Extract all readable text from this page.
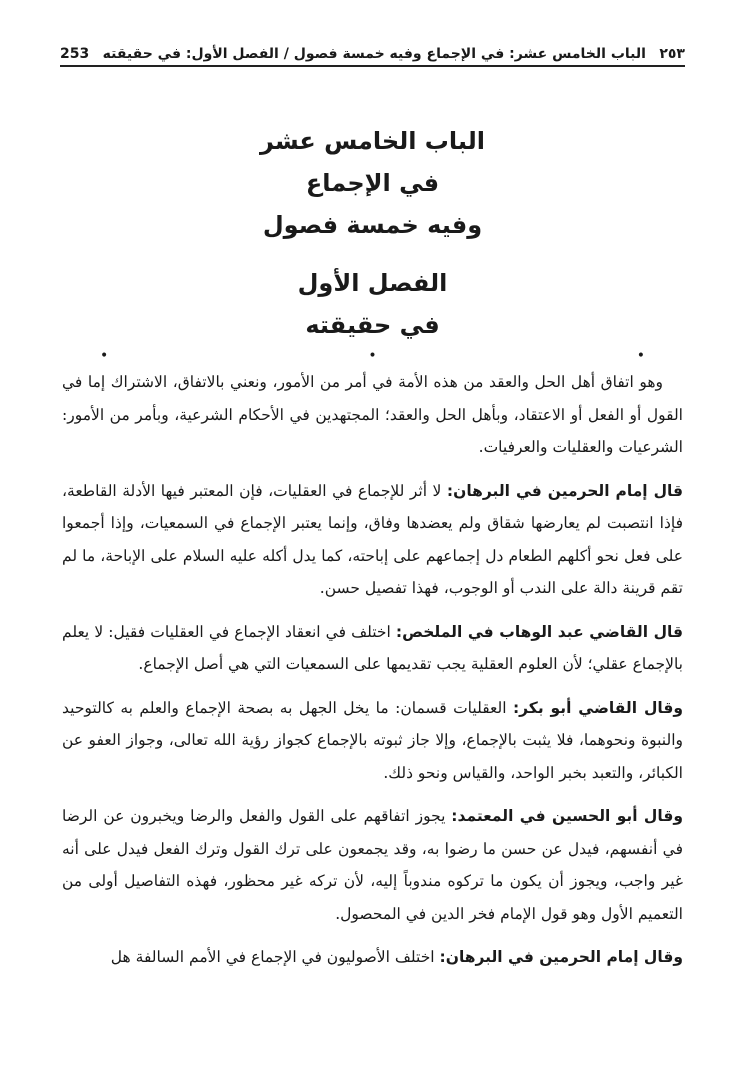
253 الباب الخامس عشر: في الإجماع وفيه خمسة فصول / الفصل الأول: في حقيقته ٢٥٣
الباب الخامس عشر
في الإجماع
وفيه خمسة فصول
الفصل الأول
في حقيقته
•	•	•

وهو اتفاق أهل الحل والعقد من هذه الأمة في أمر من الأمور، ونعني بالاتفاق، الاشتراك إما في القول أو الفعل أو الاعتقاد، وبأهل الحل والعقد؛ المجتهدين في الأحكام الشرعية، وبأمر من الأمور: الشرعيات والعقليات والعرفيات.

قال إمام الحرمين في البرهان: لا أثر للإجماع في العقليات، فإن المعتبر فيها الأدلة القاطعة، فإذا انتصبت لم يعارضها شقاق ولم يعضدها وفاق، وإنما يعتبر الإجماع في السمعيات، وإذا أجمعوا على فعل نحو أكلهم الطعام دل إجماعهم على إباحته، كما يدل أكله عليه السلام على الإباحة، ما لم تقم قرينة دالة على الندب أو الوجوب، فهذا تفصيل حسن.

قال القاضي عبد الوهاب في الملخص: اختلف في انعقاد الإجماع في العقليات فقيل: لا يعلم بالإجماع عقلي؛ لأن العلوم العقلية يجب تقديمها على السمعيات التي هي أصل الإجماع.

وقال القاضي أبو بكر: العقليات قسمان: ما يخل الجهل به بصحة الإجماع والعلم به كالتوحيد والنبوة ونحوهما، فلا يثبت بالإجماع، وإلا جاز ثبوته بالإجماع كجواز رؤية الله تعالى، وجواز العفو عن الكبائر، والتعبد بخبر الواحد، والقياس ونحو ذلك.

وقال أبو الحسين في المعتمد: يجوز اتفاقهم على القول والفعل والرضا ويخبرون عن الرضا في أنفسهم، فيدل عن حسن ما رضوا به، وقد يجمعون على ترك القول وترك الفعل فيدل على أنه غير واجب، ويجوز أن يكون ما تركوه مندوباً إليه، لأن تركه غير محظور، فهذه التفاصيل أولى من التعميم الأول وهو قول الإمام فخر الدين في المحصول.

وقال إمام الحرمين في البرهان: اختلف الأصوليون في الإجماع في الأمم السالفة هل
